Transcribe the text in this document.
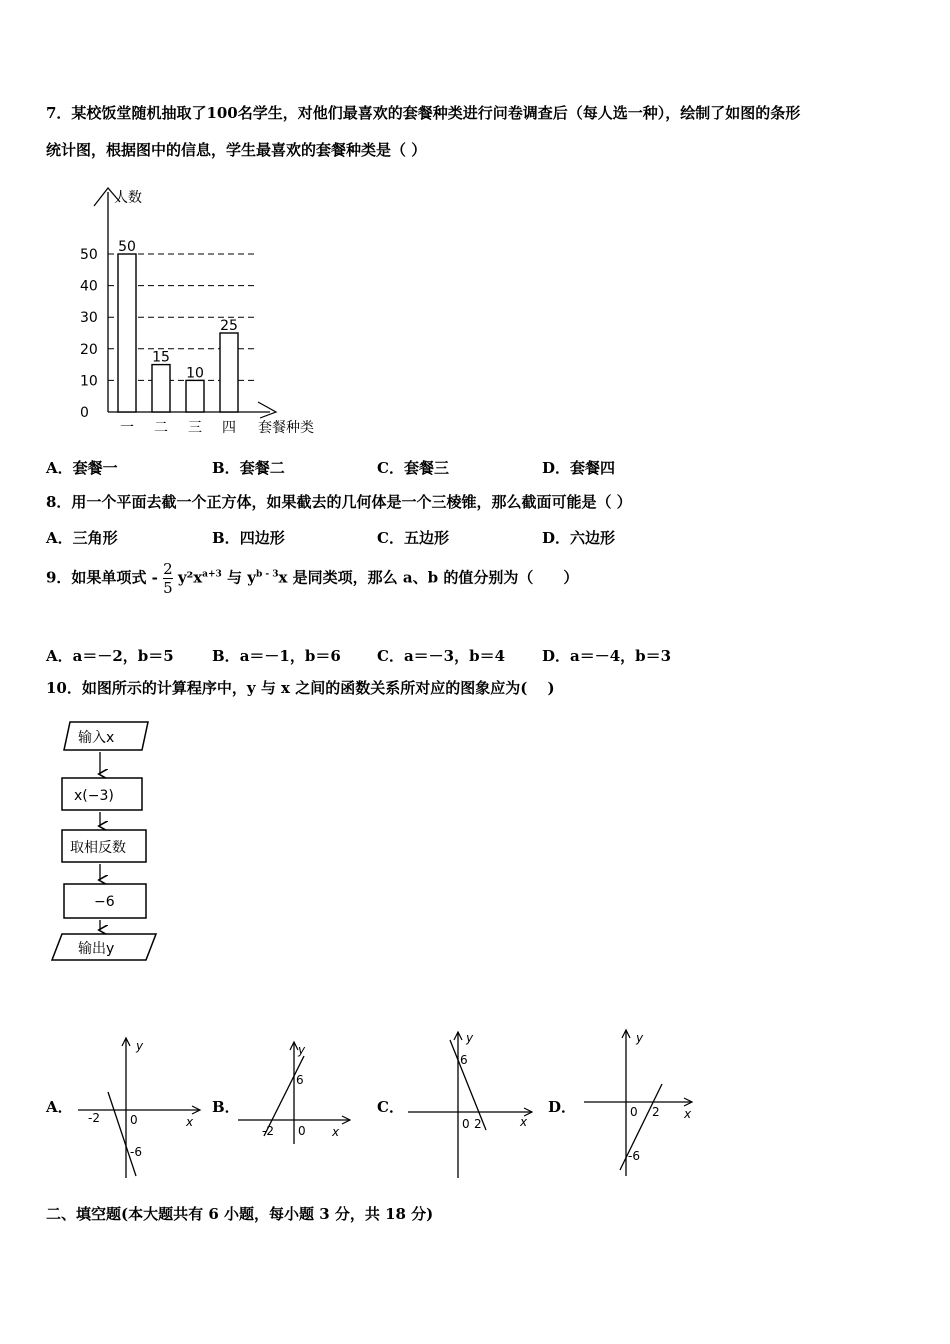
7．某校饭堂随机抽取了100名学生，对他们最喜欢的套餐种类进行问卷调查后（每人选一种），绘制了如图的条形
统计图，根据图中的信息，学生最喜欢的套餐种类是（ ）
人数
套餐种类
0
10
20
30
40
50 50
一
15
二
10
三
25
四
A．套餐一	B．套餐二	C．套餐三	D．套餐四
8．用一个平面去截一个正方体，如果截去的几何体是一个三棱锥，那么截面可能是（ ）
A．三角形	B．四边形	C．五边形	D．六边形
9．如果单项式 - $\frac{2}{5} y^2x^{a+3}$ 与 $y^{b - 3}x$ 是同类项，那么 a、b 的值分别为（　　）
A．a＝－2，b＝5	B．a＝－1，b＝6 C．a＝－3，b＝4 D．a＝－4，b＝3
10．如图所示的计算程序中，y 与 x 之间的函数关系所对应的图象应为(　 )
输入x
x(−3)
取相反数
−6
输出y
A．
y
x
-2	0
-6
B．
y
x
-2 0
6
C．
y
x
6
0 2
D．
y
x
0 2
-6
二、填空题(本大题共有 6 小题，每小题 3 分，共 18 分)
